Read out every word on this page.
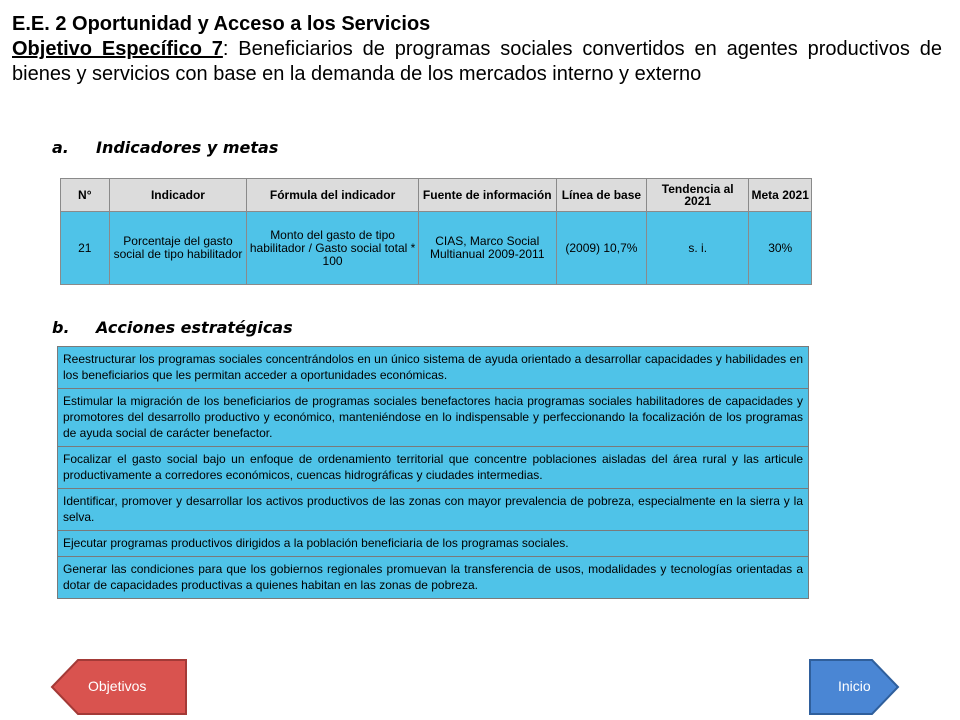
E.E. 2 Oportunidad y Acceso a los Servicios
Objetivo Específico 7: Beneficiarios de programas sociales convertidos en agentes productivos de bienes y servicios con base en la demanda de los mercados interno y externo
a. Indicadores y metas
N°	Indicador	Fórmula del indicador	Fuente de información	Línea de base	Tendencia al 2021	Meta 2021
21	Porcentaje del gasto social de tipo habilitador	Monto del gasto de tipo habilitador / Gasto social total * 100	CIAS, Marco Social Multianual 2009-2011	(2009) 10,7%	s. i.	30%
b. Acciones estratégicas
Reestructurar los programas sociales concentrándolos en un único sistema de ayuda orientado a desarrollar capacidades y habilidades en los beneficiarios que les permitan acceder a oportunidades económicas.
Estimular la migración de los beneficiarios de programas sociales benefactores hacia programas sociales habilitadores de capacidades y promotores del desarrollo productivo y económico, manteniéndose en lo indispensable y perfeccionando la focalización de los programas de ayuda social de carácter benefactor.
Focalizar el gasto social bajo un enfoque de ordenamiento territorial que concentre poblaciones aisladas del área rural y las articule productivamente a corredores económicos, cuencas hidrográficas y ciudades intermedias.
Identificar, promover y desarrollar los activos productivos de las zonas con mayor prevalencia de pobreza, especialmente en la sierra y la selva.
Ejecutar programas productivos dirigidos a la población beneficiaria de los programas sociales.
Generar las condiciones para que los gobiernos regionales promuevan la transferencia de usos, modalidades y tecnologías orientadas a dotar de capacidades productivas a quienes habitan en las zonas de pobreza.
Objetivos	Inicio
